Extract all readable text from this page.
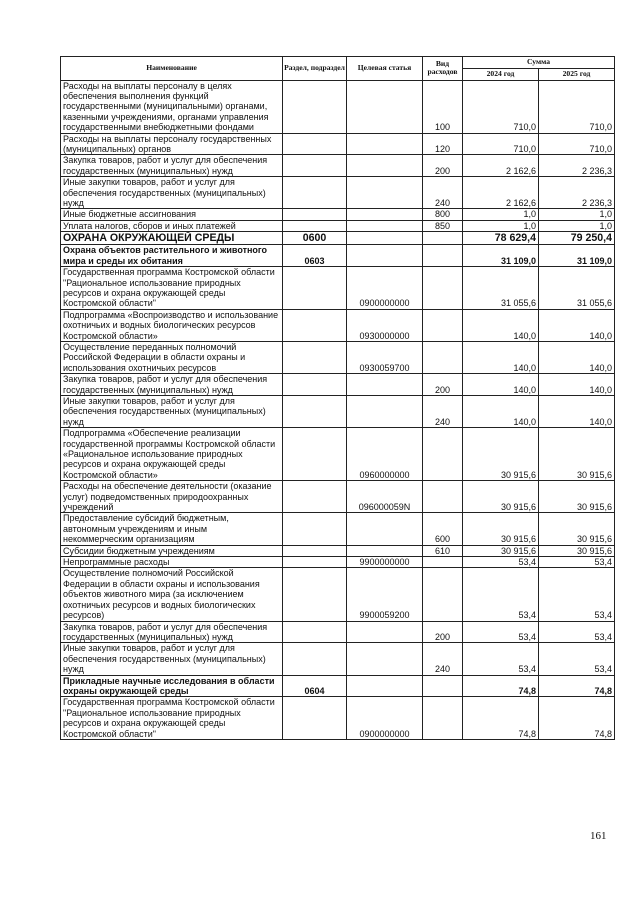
Наименование	Раздел, подраздел	Целевая статья	Вид расходов	Сумма	
				2024 год	2025 год
Расходы на выплаты персоналу в целях обеспечения выполнения функций государственными (муниципальными) органами, казенными учреждениями, органами управления государственными внебюджетными фондами			100	710,0	710,0
Расходы на выплаты персоналу государственных (муниципальных) органов			120	710,0	710,0
Закупка товаров, работ и услуг для обеспечения государственных (муниципальных) нужд			200	2 162,6	2 236,3
Иные закупки товаров, работ и услуг для обеспечения государственных (муниципальных) нужд			240	2 162,6	2 236,3
Иные бюджетные ассигнования			800	1,0	1,0
Уплата налогов, сборов и иных платежей			850	1,0	1,0
ОХРАНА ОКРУЖАЮЩЕЙ СРЕДЫ	0600			78 629,4	79 250,4
Охрана объектов растительного и животного мира и среды их обитания	0603			31 109,0	31 109,0
Государственная программа Костромской области "Рациональное использование природных ресурсов и охрана окружающей среды Костромской области"		0900000000		31 055,6	31 055,6
Подпрограмма «Воспроизводство и использование охотничьих и водных биологических ресурсов Костромской области»		0930000000		140,0	140,0
Осуществление переданных полномочий Российской Федерации в области охраны и использования охотничьих ресурсов		0930059700		140,0	140,0
Закупка товаров, работ и услуг для обеспечения государственных (муниципальных) нужд			200	140,0	140,0
Иные закупки товаров, работ и услуг для обеспечения государственных (муниципальных) нужд			240	140,0	140,0
Подпрограмма «Обеспечение реализации государственной программы Костромской области «Рациональное использование природных ресурсов и охрана окружающей среды Костромской области»		0960000000		30 915,6	30 915,6
Расходы на обеспечение деятельности (оказание услуг) подведомственных природоохранных учреждений		096000059N		30 915,6	30 915,6
Предоставление субсидий бюджетным, автономным учреждениям и иным некоммерческим организациям			600	30 915,6	30 915,6
Субсидии бюджетным учреждениям			610	30 915,6	30 915,6
Непрограммные расходы		9900000000		53,4	53,4
Осуществление полномочий Российской Федерации в области охраны и использования объектов животного мира (за исключением охотничьих ресурсов и водных биологических ресурсов)		9900059200		53,4	53,4
Закупка товаров, работ и услуг для обеспечения государственных (муниципальных) нужд			200	53,4	53,4
Иные закупки товаров, работ и услуг для обеспечения государственных (муниципальных) нужд			240	53,4	53,4
Прикладные научные исследования в области охраны окружающей среды	0604			74,8	74,8
Государственная программа Костромской области "Рациональное использование природных ресурсов и охрана окружающей среды Костромской области"		0900000000		74,8	74,8
161
